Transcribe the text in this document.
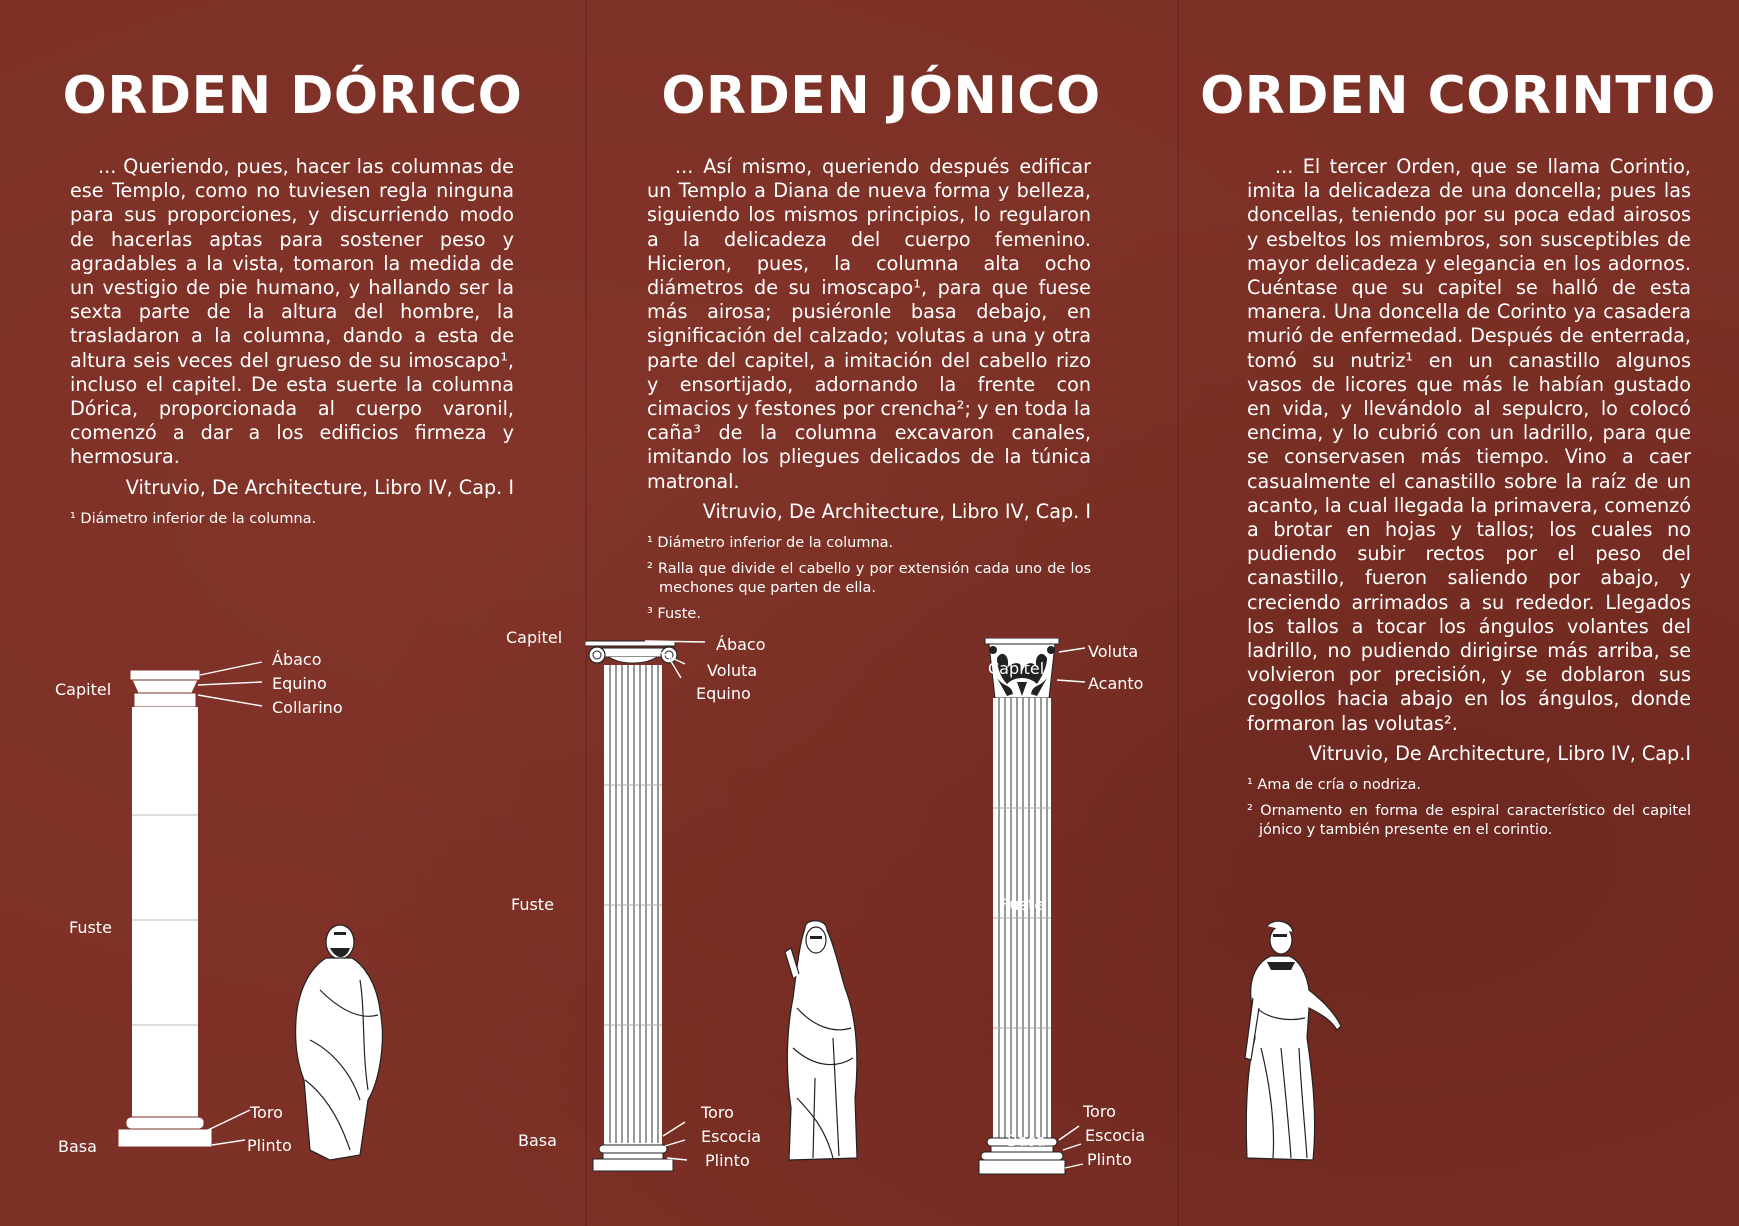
ORDEN DÓRICO
... Queriendo, pues, hacer las columnas de ese Templo, como no tuviesen regla ninguna para sus proporciones, y discurriendo modo de hacerlas aptas para sostener peso y agradables a la vista, tomaron la medida de un vestigio de pie humano, y hallando ser la sexta parte de la altura del hombre, la trasladaron a la columna, dando a esta de altura seis veces del grueso de su imoscapo¹, incluso el capitel. De esta suerte la columna Dórica, proporcionada al cuerpo varonil, comenzó a dar a los edificios firmeza y hermosura.
Vitruvio, De Architecture, Libro IV, Cap. I
¹ Diámetro inferior de la columna.
Capitel
Fuste
Basa
Ábaco
Equino
Collarino
Toro
Plinto
ORDEN JÓNICO
... Así mismo, queriendo después edificar un Templo a Diana de nueva forma y belleza, siguiendo los mismos principios, lo regularon a la delicadeza del cuerpo femenino. Hicieron, pues, la columna alta ocho diámetros de su imoscapo¹, para que fuese más airosa; pusiéronle basa debajo, en significación del calzado; volutas a una y otra parte del capitel, a imitación del cabello rizo y ensortijado, adornando la frente con cimacios y festones por crencha²; y en toda la caña³ de la columna excavaron canales, imitando los pliegues delicados de la túnica matronal.
Vitruvio, De Architecture, Libro IV, Cap. I
¹ Diámetro inferior de la columna.
² Ralla que divide el cabello y por extensión cada uno de los mechones que parten de ella.
³ Fuste.
Capitel
Fuste
Basa
Ábaco
Voluta
Equino
Toro
Escocia
Plinto
ORDEN CORINTIO
... El tercer Orden, que se llama Corintio, imita la delicadeza de una doncella; pues las doncellas, teniendo por su poca edad airosos y esbeltos los miembros, son susceptibles de mayor delicadeza y elegancia en los adornos. Cuéntase que su capitel se halló de esta manera. Una doncella de Corinto ya casadera murió de enfermedad. Después de enterrada, tomó su nutriz¹ en un canastillo algunos vasos de licores que más le habían gustado en vida, y llevándolo al sepulcro, lo colocó encima, y lo cubrió con un ladrillo, para que se conservasen más tiempo. Vino a caer casualmente el canastillo sobre la raíz de un acanto, la cual llegada la primavera, comenzó a brotar en hojas y tallos; los cuales no pudiendo subir rectos por el peso del canastillo, fueron saliendo por abajo, y creciendo arrimados a su rededor. Llegados los tallos a tocar los ángulos volantes del ladrillo, no pudiendo dirigirse más arriba, se volvieron por precisión, y se doblaron sus cogollos hacia abajo en los ángulos, donde formaron las volutas².
Vitruvio, De Architecture, Libro IV, Cap.I
¹ Ama de cría o nodriza.
² Ornamento en forma de espiral característico del capitel jónico y también presente en el corintio.
Capitel
Fuste
Basa
Voluta
Acanto
Toro
Escocia
Plinto
